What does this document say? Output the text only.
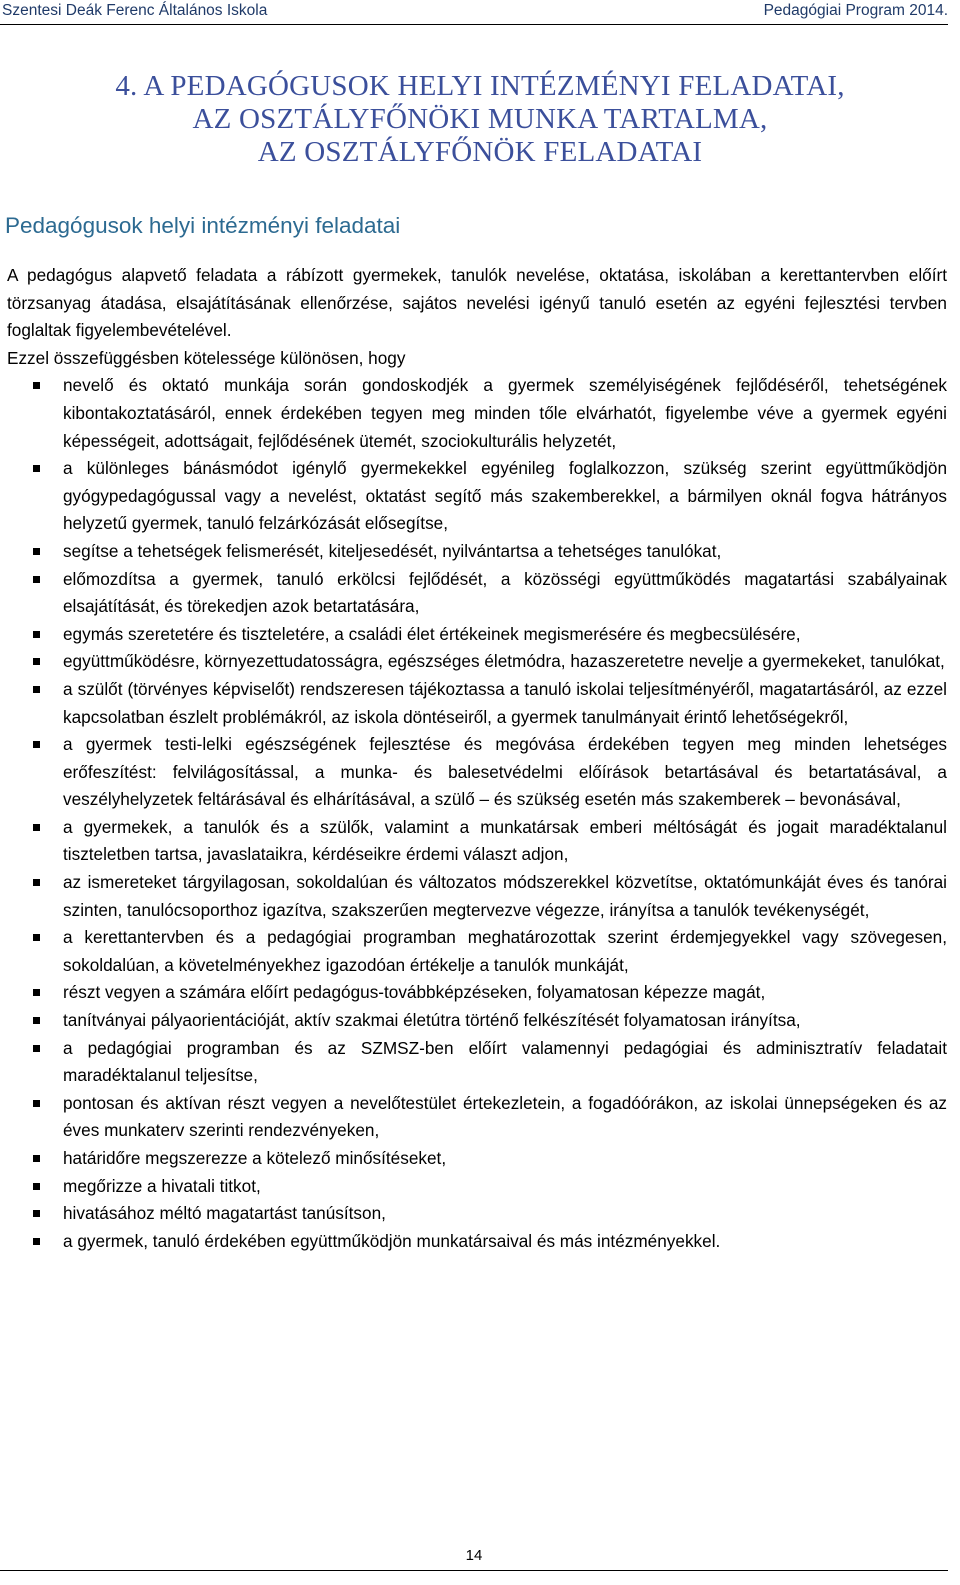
Szentesi Deák Ferenc Általános Iskola	Pedagógiai Program 2014.
4. A PEDAGÓGUSOK HELYI INTÉZMÉNYI FELADATAI,
AZ OSZTÁLYFŐNÖKI MUNKA TARTALMA,
AZ OSZTÁLYFŐNÖK FELADATAI
Pedagógusok helyi intézményi feladatai

A pedagógus alapvető feladata a rábízott gyermekek, tanulók nevelése, oktatása, iskolában a kerettantervben előírt törzsanyag átadása, elsajátításának ellenőrzése, sajátos nevelési igényű tanuló esetén az egyéni fejlesztési tervben foglaltak figyelembevételével.

Ezzel összefüggésben kötelessége különösen, hogy

nevelő és oktató munkája során gondoskodjék a gyermek személyiségének fejlődéséről, tehetségének kibontakoztatásáról, ennek érdekében tegyen meg minden tőle elvárhatót, figyelembe véve a gyermek egyéni képességeit, adottságait, fejlődésének ütemét, szociokulturális helyzetét,
a különleges bánásmódot igénylő gyermekekkel egyénileg foglalkozzon, szükség szerint együttműködjön gyógypedagógussal vagy a nevelést, oktatást segítő más szakemberekkel, a bármilyen oknál fogva hátrányos helyzetű gyermek, tanuló felzárkózását elősegítse,
segítse a tehetségek felismerését, kiteljesedését, nyilvántartsa a tehetséges tanulókat,
előmozdítsa a gyermek, tanuló erkölcsi fejlődését, a közösségi együttműködés magatartási szabályainak elsajátítását, és törekedjen azok betartatására,
egymás szeretetére és tiszteletére, a családi élet értékeinek megismerésére és megbecsülésére,
együttműködésre, környezettudatosságra, egészséges életmódra, hazaszeretetre nevelje a gyermekeket, tanulókat,
a szülőt (törvényes képviselőt) rendszeresen tájékoztassa a tanuló iskolai teljesítményéről, magatartásáról, az ezzel kapcsolatban észlelt problémákról, az iskola döntéseiről, a gyermek tanulmányait érintő lehetőségekről,
a gyermek testi-lelki egészségének fejlesztése és megóvása érdekében tegyen meg minden lehetséges erőfeszítést: felvilágosítással, a munka- és balesetvédelmi előírások betartásával és betartatásával, a veszélyhelyzetek feltárásával és elhárításával, a szülő – és szükség esetén más szakemberek – bevonásával,
a gyermekek, a tanulók és a szülők, valamint a munkatársak emberi méltóságát és jogait maradéktalanul tiszteletben tartsa, javaslataikra, kérdéseikre érdemi választ adjon,
az ismereteket tárgyilagosan, sokoldalúan és változatos módszerekkel közvetítse, oktatómunkáját éves és tanórai szinten, tanulócsoporthoz igazítva, szakszerűen megtervezve végezze, irányítsa a tanulók tevékenységét,
a kerettantervben és a pedagógiai programban meghatározottak szerint érdemjegyekkel vagy szövegesen, sokoldalúan, a követelményekhez igazodóan értékelje a tanulók munkáját,
részt vegyen a számára előírt pedagógus-továbbképzéseken, folyamatosan képezze magát,
tanítványai pályaorientációját, aktív szakmai életútra történő felkészítését folyamatosan irányítsa,
a pedagógiai programban és az SZMSZ-ben előírt valamennyi pedagógiai és adminisztratív feladatait maradéktalanul teljesítse,
pontosan és aktívan részt vegyen a nevelőtestület értekezletein, a fogadóórákon, az iskolai ünnepségeken és az éves munkaterv szerinti rendezvényeken,
határidőre megszerezze a kötelező minősítéseket,
megőrizze a hivatali titkot,
hivatásához méltó magatartást tanúsítson,
a gyermek, tanuló érdekében együttműködjön munkatársaival és más intézményekkel.
14
